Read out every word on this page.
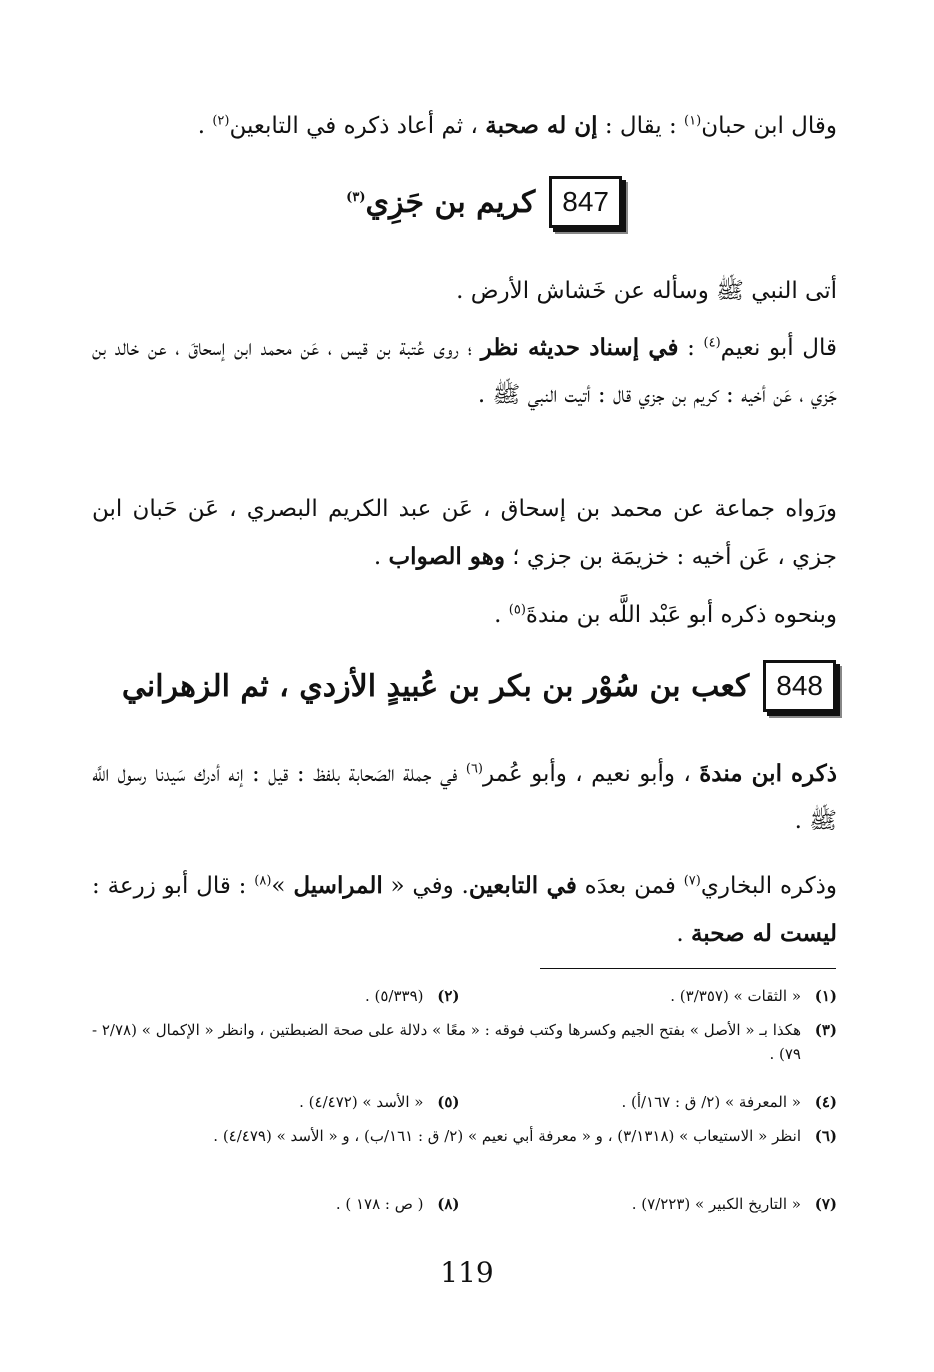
وقال ابن حبان$^{(١)}$ : يقال : إن له صحبة ، ثم أعاد ذكره في التابعين$^{(٢)}$ .
847
كريم بن جَزِي$^{(٣)}$
أتى النبي ﷺ وسأله عن خَشاش الأرض .
قال أبو نعيم$^{(٤)}$ : في إسناد حديثه نظر ؛ روى عُتبة بن قيس ، عَن محمد ابن إسحاقَ ، عن خالد بن جَزي ، عَن أخيه : كريم بن جزي قال : أتيت النبي ﷺ .
ورَواه جماعة عن محمد بن إسحاق ، عَن عبد الكريم البصري ، عَن حَبان ابن جزي ، عَن أخيه : خزيمَة بن جزي ؛ وهو الصواب .
وبنحوه ذكره أبو عَبْد اللَّه بن مندةَ$^{(٥)}$ .
848
كعب بن سُوْر بن بكر بن عُبيدٍ الأزدي ، ثم الزهراني
ذكره ابن مندةَ ، وأبو نعيم ، وأبو عُمر$^{(٦)}$ في جملة الصَحابة بلفظ : قيل : إنه أدرك سَيدنا رسول اللَّه ﷺ .
وذكره البخاري$^{(٧)}$ فمن بعدَه في التابعين. وفي « المراسيل »$^{(٨)}$ : قال أبو زرعة : ليست له صحبة .
(١)
« الثقات » (٣/٣٥٧) .
(٢)
(٥/٣٣٩) .
(٣)
هكذا بـ « الأصل » بفتح الجيم وكسرها وكتب فوقه : « معًا » دلالة على صحة الضبطتين ، وانظر « الإكمال » (٢/٧٨ - ٧٩) .
(٤)
« المعرفة » (٢/ ق : ١٦٧/أ) .
(٥)
« الأسد » (٤/٤٧٢) .
(٦)
انظر « الاستيعاب » (٣/١٣١٨) ، و « معرفة أبي نعيم » (٢/ ق : ١٦١/ب) ، و « الأسد » (٤/٤٧٩) .
(٧)
« التاريخ الكبير » (٧/٢٢٣) .
(٨)
( ص : ١٧٨ ) .
119
